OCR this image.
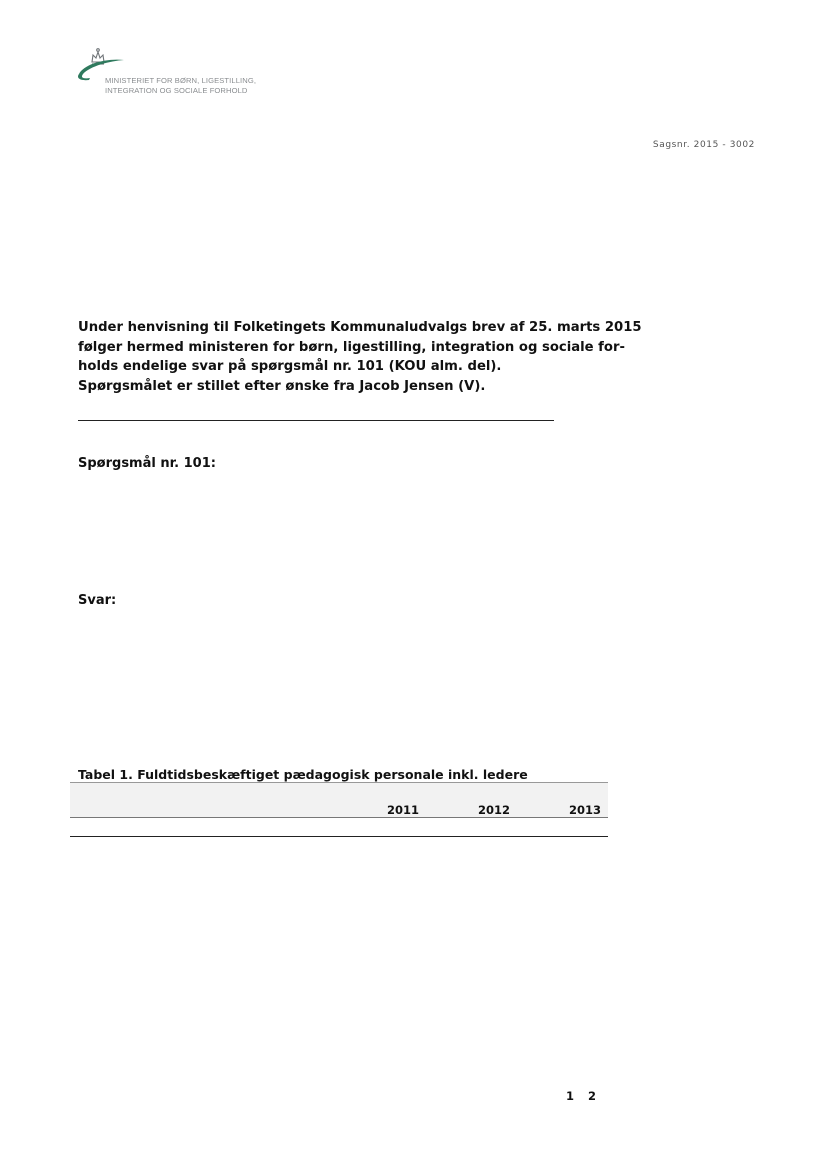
MINISTERIET FOR BØRN, LIGESTILLING,
INTEGRATION OG SOCIALE FORHOLD
Sagsnr. 2015 - 3002
Under henvisning til Folketingets Kommunaludvalgs brev af 25. marts 2015
følger hermed ministeren for børn, ligestilling, integration og sociale for-
holds endelige svar på spørgsmål nr. 101 (KOU alm. del).
Spørgsmålet er stillet efter ønske fra Jacob Jensen (V).
Spørgsmål nr. 101:
Svar:
Tabel 1. Fuldtidsbeskæftiget pædagogisk personale inkl. ledere
2011	2012	2013
1 2
